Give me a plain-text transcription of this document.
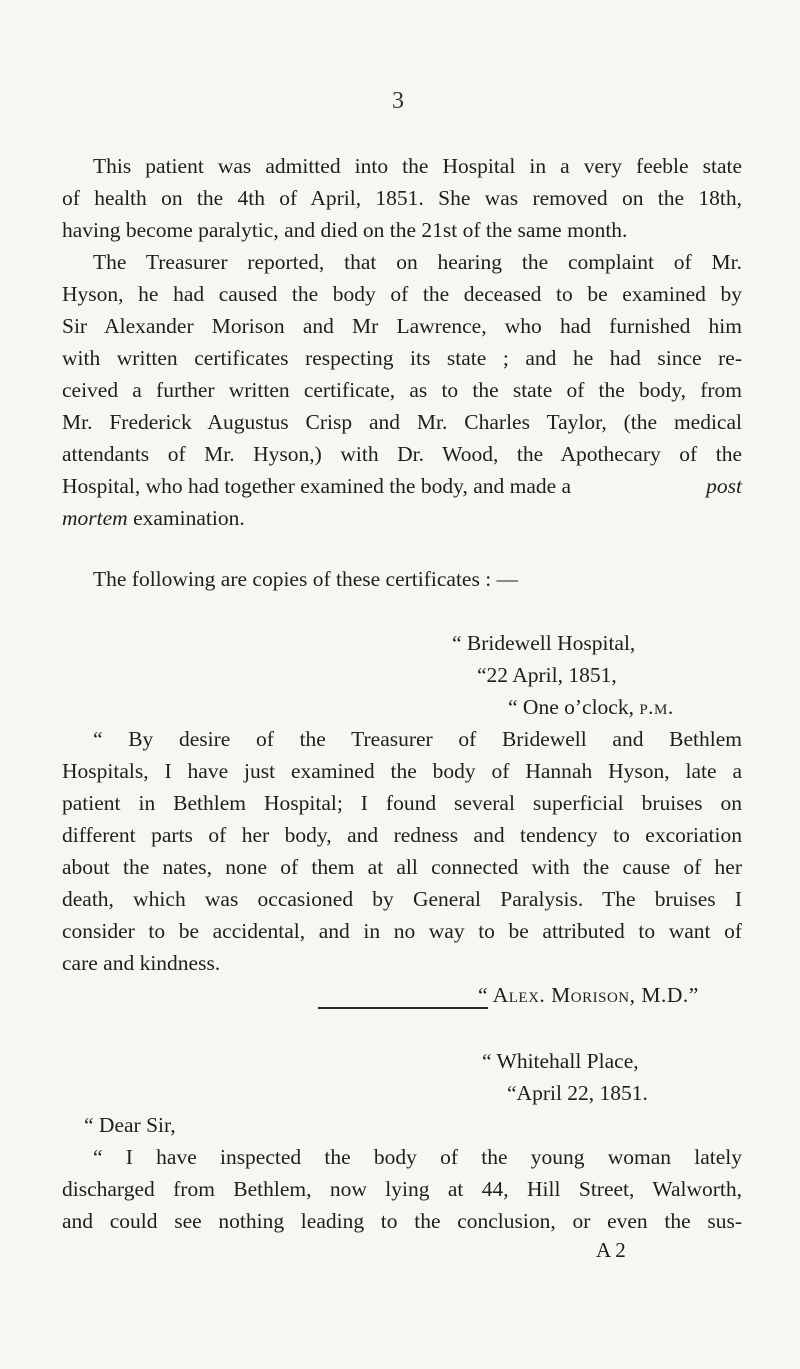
3
This patient was admitted into the Hospital in a very feeble state
of health on the 4th of April, 1851. She was removed on the 18th,
having become paralytic, and died on the 21st of the same month.
The Treasurer reported, that on hearing the complaint of Mr.
Hyson, he had caused the body of the deceased to be examined by
Sir Alexander Morison and Mr Lawrence, who had furnished him
with written certificates respecting its state ; and he had since re-
ceived a further written certificate, as to the state of the body, from
Mr. Frederick Augustus Crisp and Mr. Charles Taylor, (the medical
attendants of Mr. Hyson,) with Dr. Wood, the Apothecary of the
Hospital, who had together examined the body, and made a	post
mortem examination.
The following are copies of these certificates : —
“ Bridewell Hospital,
“22 April, 1851,
“ One o’clock, p.m.
“ By desire of the Treasurer of Bridewell and Bethlem
Hospitals, I have just examined the body of Hannah Hyson, late a
patient in Bethlem Hospital; I found several superficial bruises on
different parts of her body, and redness and tendency to excoriation
about the nates, none of them at all connected with the cause of her
death, which was occasioned by General Paralysis. The bruises I
consider to be accidental, and in no way to be attributed to want of
care and kindness.
“ Alex. Morison, M.D.”
“ Whitehall Place,
“April 22, 1851.
“ Dear Sir,
“ I have inspected the body of the young woman lately
discharged from Bethlem, now lying at 44, Hill Street, Walworth,
and could see nothing leading to the conclusion, or even the sus-
A 2
